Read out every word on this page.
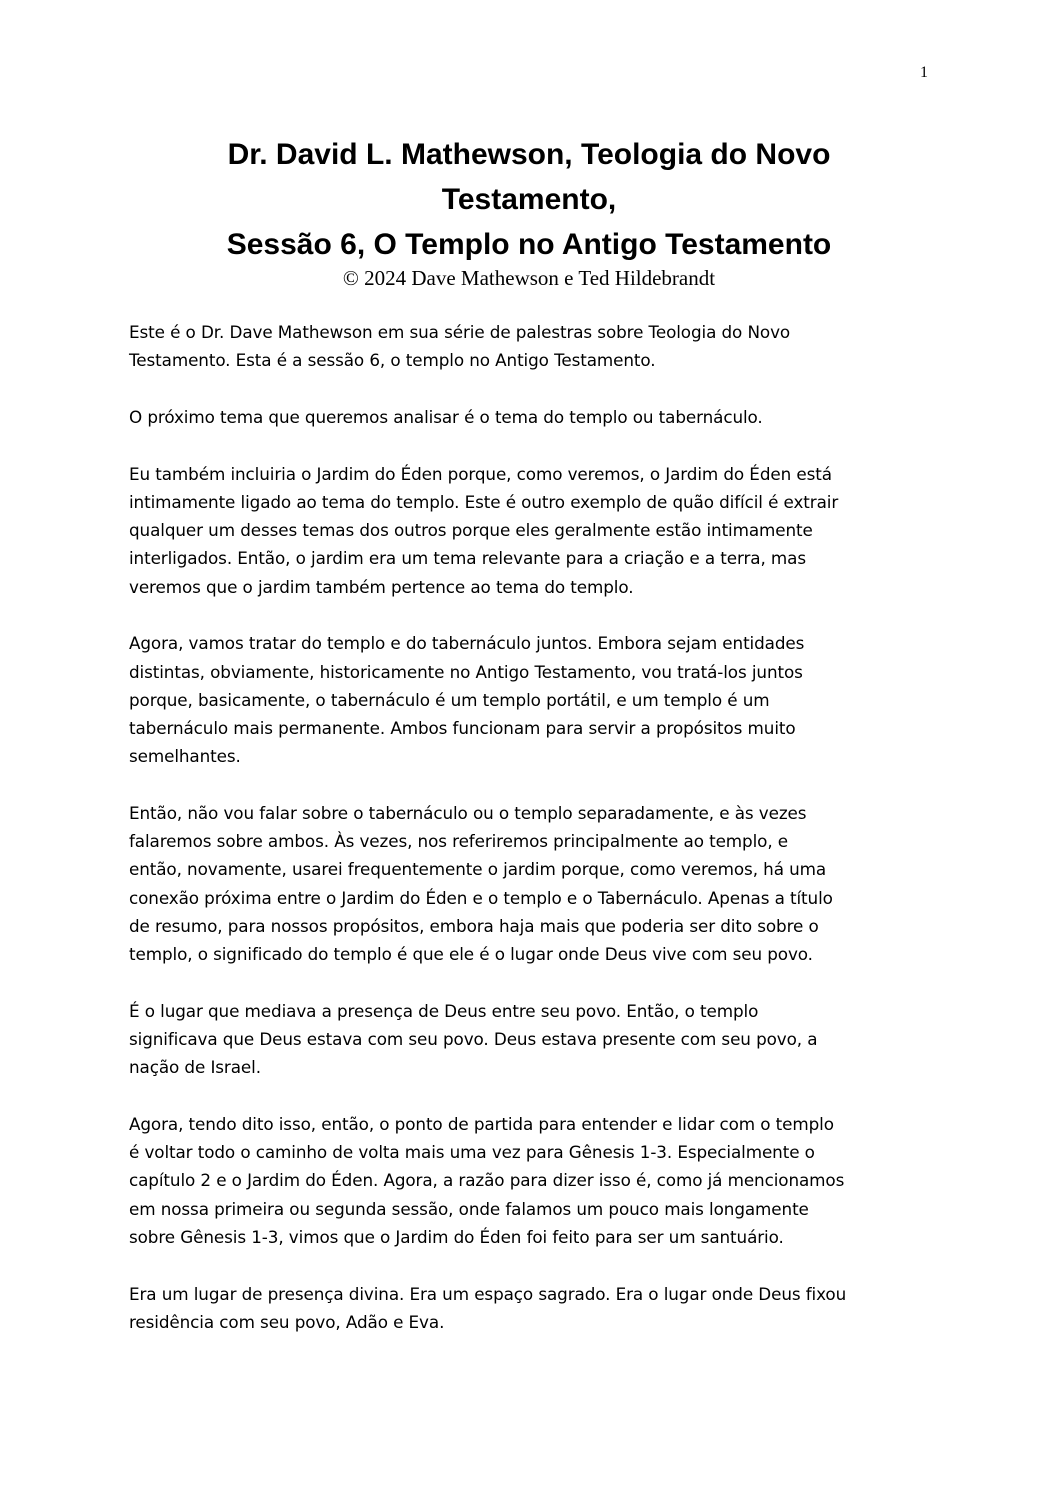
1

Dr. David L. Mathewson, Teologia do Novo

Testamento,

Sessão 6, O Templo no Antigo Testamento

© 2024 Dave Mathewson e Ted Hildebrandt

Este é o Dr. Dave Mathewson em sua série de palestras sobre Teologia do Novo
Testamento. Esta é a sessão 6, o templo no Antigo Testamento.

O próximo tema que queremos analisar é o tema do templo ou tabernáculo.

Eu também incluiria o Jardim do Éden porque, como veremos, o Jardim do Éden está
intimamente ligado ao tema do templo. Este é outro exemplo de quão difícil é extrair
qualquer um desses temas dos outros porque eles geralmente estão intimamente
interligados. Então, o jardim era um tema relevante para a criação e a terra, mas
veremos que o jardim também pertence ao tema do templo.

Agora, vamos tratar do templo e do tabernáculo juntos. Embora sejam entidades
distintas, obviamente, historicamente no Antigo Testamento, vou tratá-los juntos
porque, basicamente, o tabernáculo é um templo portátil, e um templo é um
tabernáculo mais permanente. Ambos funcionam para servir a propósitos muito
semelhantes.

Então, não vou falar sobre o tabernáculo ou o templo separadamente, e às vezes
falaremos sobre ambos. Às vezes, nos referiremos principalmente ao templo, e
então, novamente, usarei frequentemente o jardim porque, como veremos, há uma
conexão próxima entre o Jardim do Éden e o templo e o Tabernáculo. Apenas a título
de resumo, para nossos propósitos, embora haja mais que poderia ser dito sobre o
templo, o significado do templo é que ele é o lugar onde Deus vive com seu povo.

É o lugar que mediava a presença de Deus entre seu povo. Então, o templo
significava que Deus estava com seu povo. Deus estava presente com seu povo, a
nação de Israel.

Agora, tendo dito isso, então, o ponto de partida para entender e lidar com o templo
é voltar todo o caminho de volta mais uma vez para Gênesis 1-3. Especialmente o
capítulo 2 e o Jardim do Éden. Agora, a razão para dizer isso é, como já mencionamos
em nossa primeira ou segunda sessão, onde falamos um pouco mais longamente
sobre Gênesis 1-3, vimos que o Jardim do Éden foi feito para ser um santuário.

Era um lugar de presença divina. Era um espaço sagrado. Era o lugar onde Deus fixou
residência com seu povo, Adão e Eva.
